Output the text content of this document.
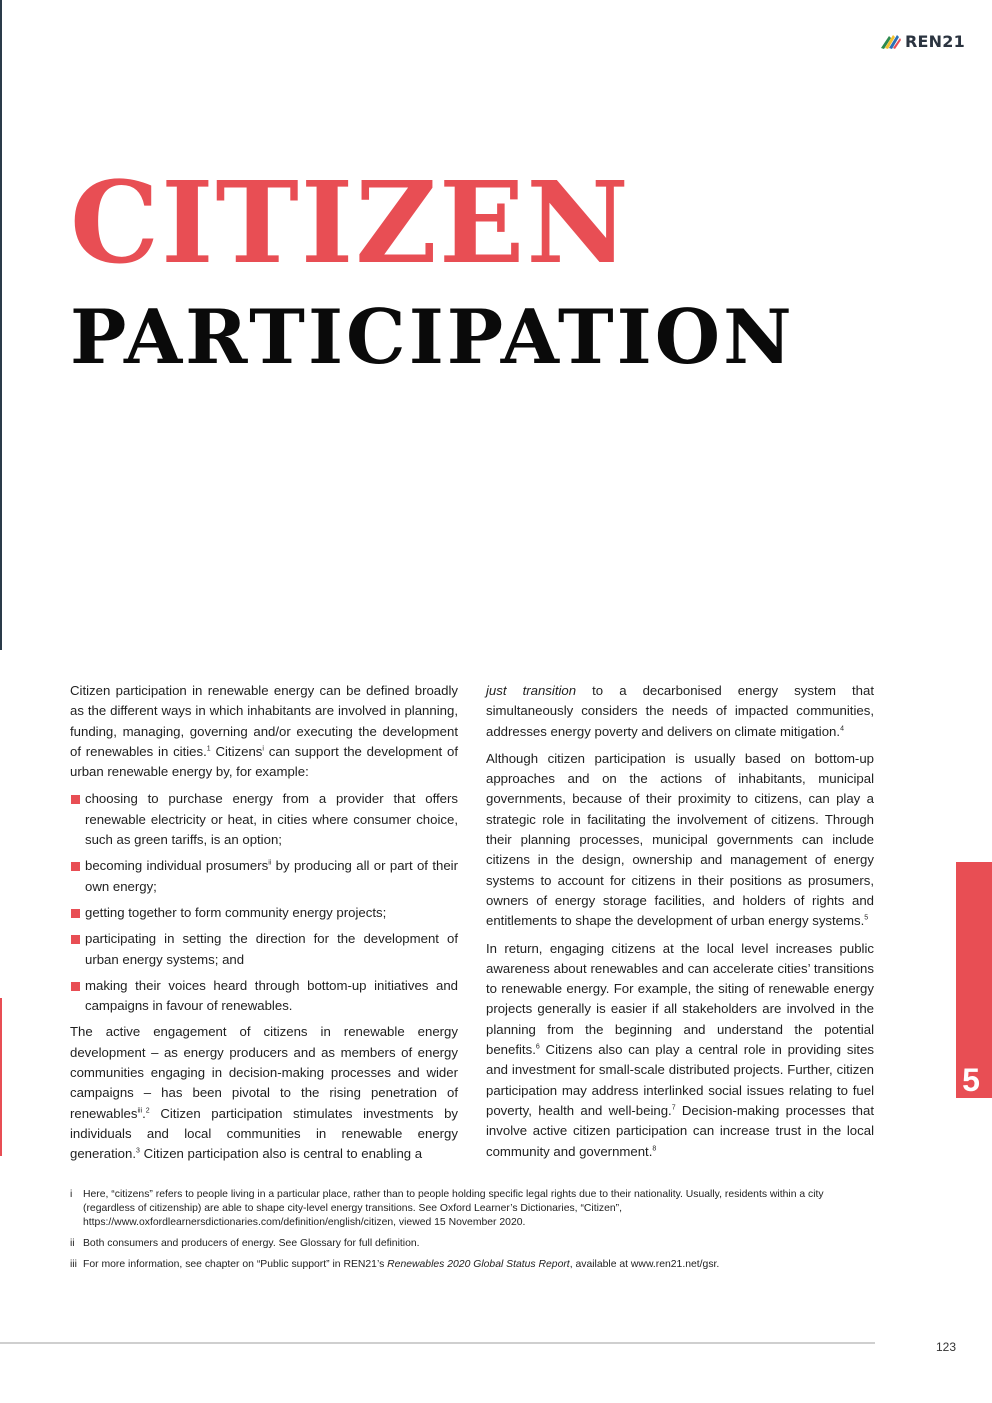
REN21
CITIZEN
PARTICIPATION

Citizen participation in renewable energy can be defined broadly as the different ways in which inhabitants are involved in planning, funding, managing, governing and/or executing the development of renewables in cities.$^1$ Citizens$^i$ can support the development of urban renewable energy by, for example:

choosing to purchase energy from a provider that offers renewable electricity or heat, in cities where consumer choice, such as green tariffs, is an option;
becoming individual prosumers$^{ii}$ by producing all or part of their own energy;
getting together to form community energy projects;
participating in setting the direction for the development of urban energy systems; and
making their voices heard through bottom-up initiatives and campaigns in favour of renewables.

The active engagement of citizens in renewable energy development – as energy producers and as members of energy communities engaging in decision-making processes and wider campaigns – has been pivotal to the rising penetration of renewables$^{iii}$.$^2$ Citizen participation stimulates investments by individuals and local communities in renewable energy generation.$^3$ Citizen participation also is central to enabling a

just transition to a decarbonised energy system that simultaneously considers the needs of impacted communities, addresses energy poverty and delivers on climate mitigation.$^4$

Although citizen participation is usually based on bottom-up approaches and on the actions of inhabitants, municipal governments, because of their proximity to citizens, can play a strategic role in facilitating the involvement of citizens. Through their planning processes, municipal governments can include citizens in the design, ownership and management of energy systems to account for citizens in their positions as prosumers, owners of energy storage facilities, and holders of rights and entitlements to shape the development of urban energy systems.$^5$

In return, engaging citizens at the local level increases public awareness about renewables and can accelerate cities’ transitions to renewable energy. For example, the siting of renewable energy projects generally is easier if all stakeholders are involved in the planning from the beginning and understand the potential benefits.$^6$ Citizens also can play a central role in providing sites and investment for small-scale distributed projects. Further, citizen participation may address interlinked social issues relating to fuel poverty, health and well-being.$^7$ Decision-making processes that involve active citizen participation can increase trust in the local community and government.$^8$

5
i Here, “citizens” refers to people living in a particular place, rather than to people holding specific legal rights due to their nationality. Usually, residents within a city (regardless of citizenship) are able to shape city-level energy transitions. See Oxford Learner’s Dictionaries, “Citizen”, https://www.oxfordlearnersdictionaries.com/definition/english/citizen, viewed 15 November 2020.
ii Both consumers and producers of energy. See Glossary for full definition.
iii For more information, see chapter on “Public support” in REN21’s Renewables 2020 Global Status Report, available at www.ren21.net/gsr.
123
